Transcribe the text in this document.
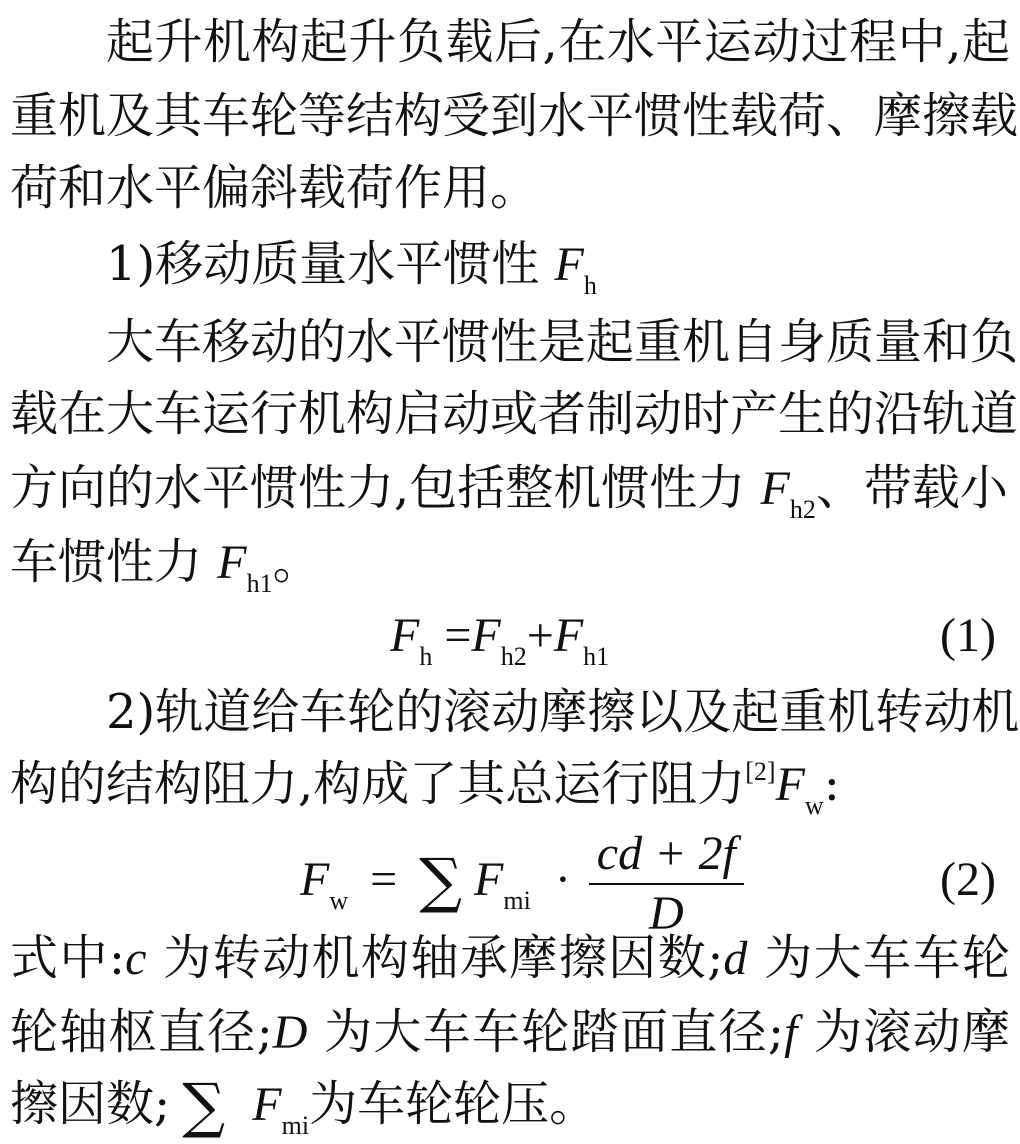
起升机构起升负载后,在水平运动过程中,起
重机及其车轮等结构受到水平惯性载荷、摩擦载
荷和水平偏斜载荷作用。
1)移动质量水平惯性 $F_h$
大车移动的水平惯性是起重机自身质量和负
载在大车运行机构启动或者制动时产生的沿轨道
方向的水平惯性力,包括整机惯性力 $F_{h2}$、带载小
车惯性力 $F_{h1}$。
$F_h =F_{h2}+F_{h1}$	(1)
2)轨道给车轮的滚动摩擦以及起重机转动机
构的结构阻力,构成了其总运行阻力$[2]F_w$:
$F_w$ = ∑ $F_{mi} \cdot \frac{cd + 2f}{D}$	(2)
式中:c 为转动机构轴承摩擦因数;d 为大车车轮
轮轴枢直径;D 为大车车轮踏面直径;f 为滚动摩
擦因数; ∑ $F_{mi}$为车轮轮压。
